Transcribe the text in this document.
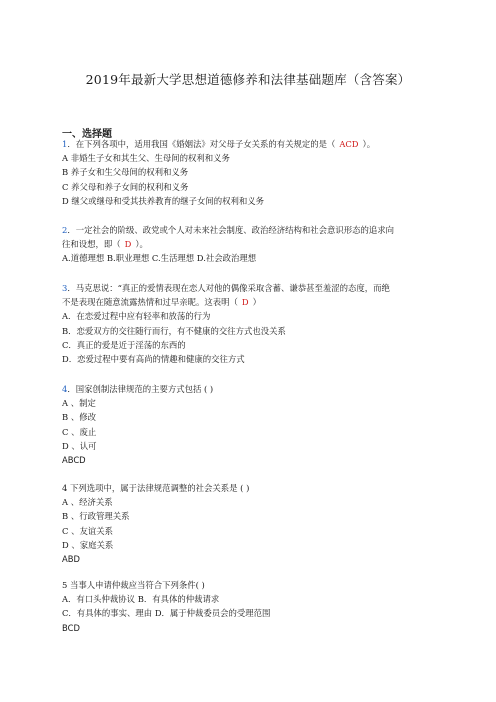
2019年最新大学思想道德修养和法律基础题库（含答案）
一、选择题
1．在下列各项中，适用我国《婚姻法》对父母子女关系的有关规定的是（ ACD ）。
A 非婚生子女和其生父、生母间的权利和义务
B 养子女和生父母间的权利和义务
C 养父母和养子女间的权利和义务
D 继父或继母和受其扶养教育的继子女间的权利和义务
2．一定社会的阶级、政党或个人对未来社会制度、政治经济结构和社会意识形态的追求向
往和设想，即（ D ）。
A.道德理想 B.职业理想 C.生活理想 D.社会政治理想
3．马克思说：“真正的爱情表现在恋人对他的偶像采取含蓄、谦恭甚至羞涩的态度，而绝
不是表现在随意流露热情和过早亲昵。这表明（ D ）
A．在恋爱过程中应有轻率和放荡的行为
B．恋爱双方的交往随行而行，有不健康的交往方式也没关系
C．真正的爱是近于淫荡的东西的
D．恋爱过程中要有高尚的情趣和健康的交往方式
4．国家创制法律规范的主要方式包括 ( )
A 、制定
B 、修改
C 、废止
D 、认可
ABCD
4 下列选项中，属于法律规范调整的社会关系是 ( )
A 、经济关系
B 、行政管理关系
C 、友谊关系
D 、家庭关系
ABD
5 当事人申请仲裁应当符合下列条件( )
A．有口头仲裁协议 B．有具体的仲裁请求
C．有具体的事实、理由 D．属于仲裁委员会的受理范围
BCD
